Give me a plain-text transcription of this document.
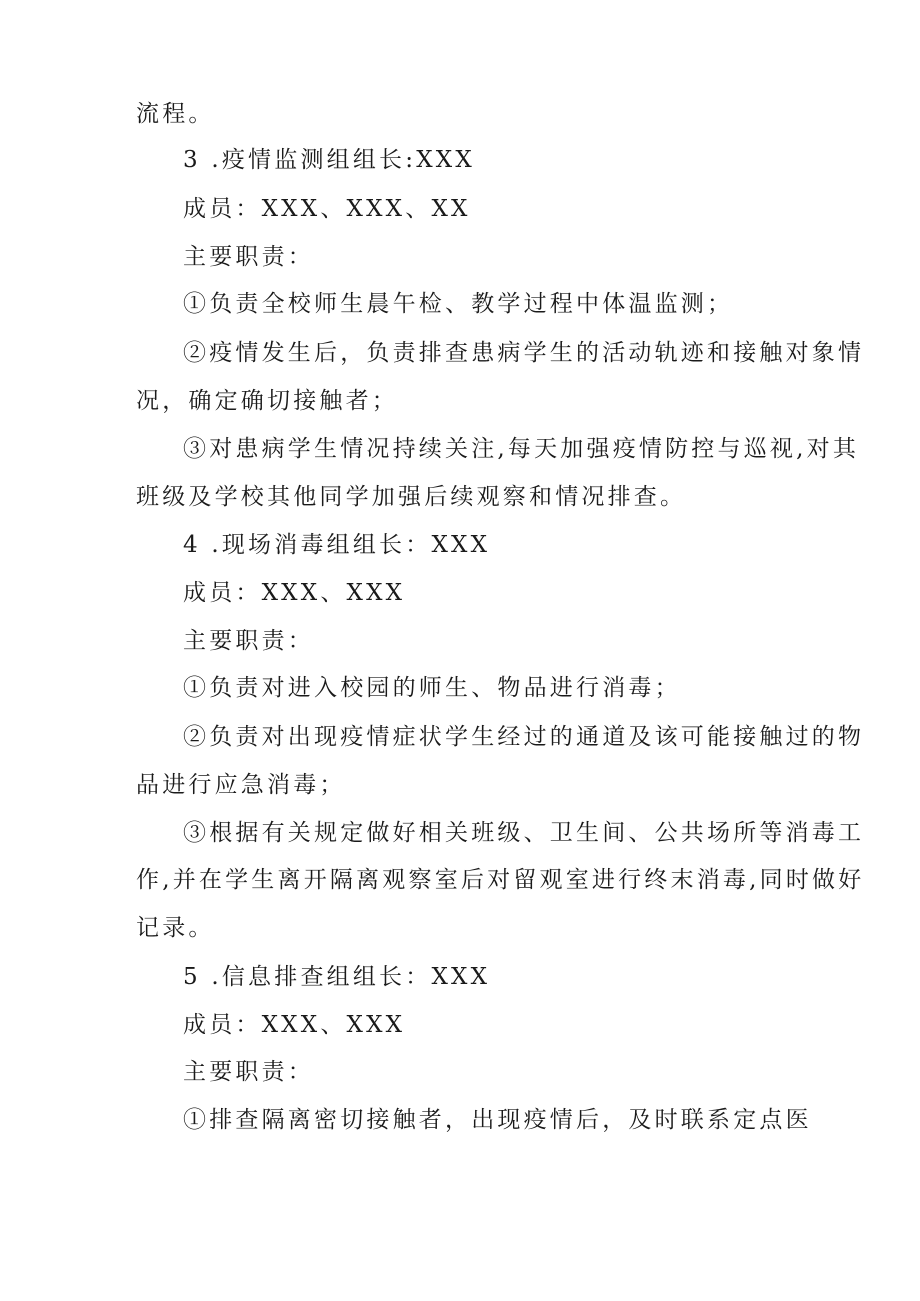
流程。
3 .疫情监测组组长:XXX
成员：XXX、XXX、XX
主要职责：
①负责全校师生晨午检、教学过程中体温监测；
②疫情发生后，负责排查患病学生的活动轨迹和接触对象情
况，确定确切接触者；
③对患病学生情况持续关注,每天加强疫情防控与巡视,对其
班级及学校其他同学加强后续观察和情况排查。
4 .现场消毒组组长：XXX
成员：XXX、XXX
主要职责：
①负责对进入校园的师生、物品进行消毒；
②负责对出现疫情症状学生经过的通道及该可能接触过的物
品进行应急消毒；
③根据有关规定做好相关班级、卫生间、公共场所等消毒工
作,并在学生离开隔离观察室后对留观室进行终末消毒,同时做好
记录。
5 .信息排查组组长：XXX
成员：XXX、XXX
主要职责：
①排查隔离密切接触者，出现疫情后，及时联系定点医
